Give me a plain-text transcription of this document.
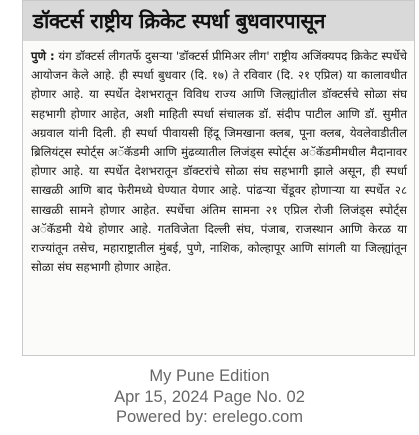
डॉक्टर्स राष्ट्रीय क्रिकेट स्पर्धा बुधवारपासून
पुणे : यंग डॉक्टर्स लीगतर्फे दुसऱ्या 'डॉक्टर्स प्रीमिअर लीग' राष्ट्रीय अजिंक्यपद क्रिकेट स्पर्धेचे आयोजन केले आहे. ही स्पर्धा बुधवार (दि. १७) ते रविवार (दि. २१ एप्रिल) या कालावधीत होणार आहे. या स्पर्धेत देशभरातून विविध राज्य आणि जिल्ह्यांतील डॉक्टर्सचे सोळा संघ सहभागी होणार आहेत, अशी माहिती स्पर्धा संचालक डॉ. संदीप पाटील आणि डॉ. सुमीत अग्रवाल यांनी दिली. ही स्पर्धा पीवायसी हिंदू जिमखाना क्लब, पूना क्लब, येवलेवाडीतील ब्रिलियंट्स स्पोर्ट्स अॅकॅडमी आणि मुंढव्यातील लिजंड्स स्पोर्ट्स अॅकॅडमीमधील मैदानावर होणार आहे. या स्पर्धेत देशभरातून डॉक्टरांचे सोळा संघ सहभागी झाले असून, ही स्पर्धा साखळी आणि बाद फेरीमध्ये घेण्यात येणार आहे. पांढऱ्या चेंडूवर होणाऱ्या या स्पर्धेत २८ साखळी सामने होणार आहेत. स्पर्धेचा अंतिम सामना २१ एप्रिल रोजी लिजंड्स स्पोर्ट्स अॅकॅडमी येथे होणार आहे. गतविजेता दिल्ली संघ, पंजाब, राजस्थान आणि केरळ या राज्यांतून तसेच, महाराष्ट्रातील मुंबई, पुणे, नाशिक, कोल्हापूर आणि सांगली या जिल्ह्यांतून सोळा संघ सहभागी होणार आहेत.
My Pune Edition
Apr 15, 2024 Page No. 02
Powered by: erelego.com
